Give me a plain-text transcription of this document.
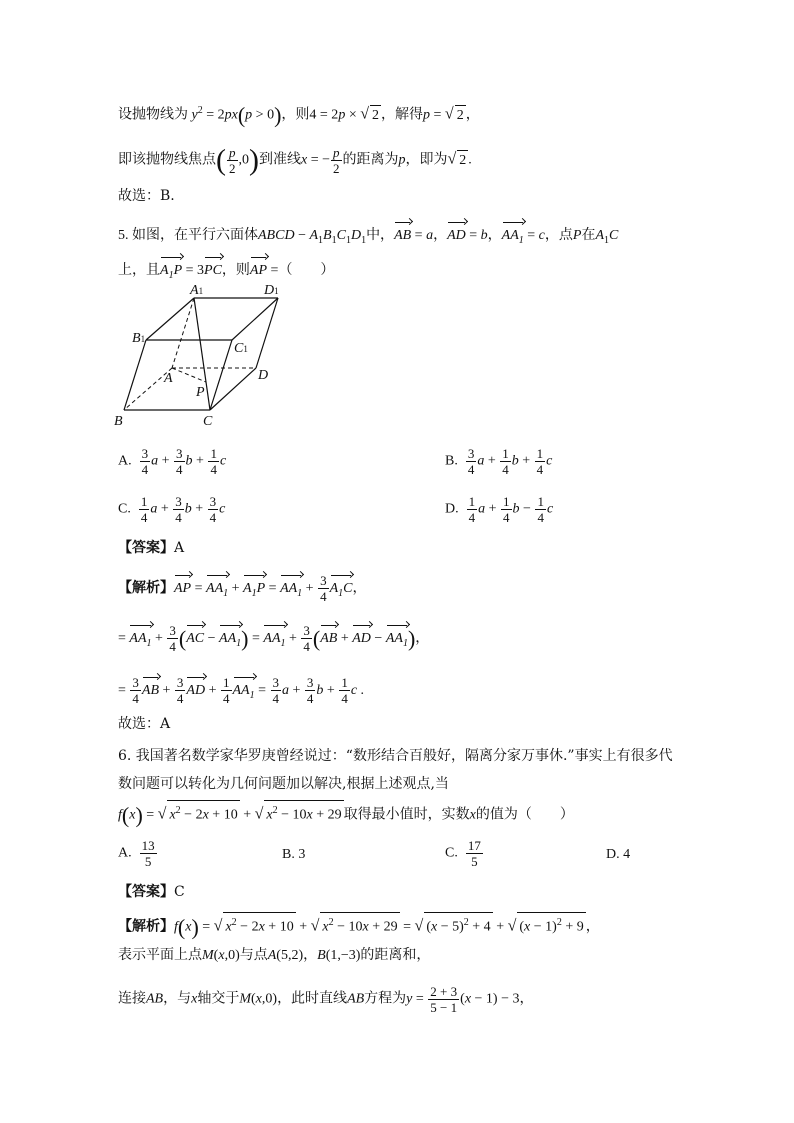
设抛物线为 $y^2 = 2px(p > 0)$，则4 = 2p × √ 2 ，解得p = √ 2 ，
即该抛物线焦点( $\frac{p}{2} ,0$)到准线x = − $\frac{p}{2}$ 的距离为p，即为√ 2 .
故选：B.
5. 如图，在平行六面体ABCD − $A_1B_1C_1D_1$中，AB = a，AD = b，$AA_1 = c$，点P在$A_1C$
上，且$A_1P = 3PC$，则AP =（　　）
A1	D1
B1
C1
A	D
P
B	C
A. $\frac{3}{4}$ $a + \frac{3}{4}$ $b + \frac{1}{4}$ c	B. $\frac{3}{4}$ $a + \frac{1}{4}$ $b + \frac{1}{4}$ c
C. $\frac{1}{4}$ $a + \frac{3}{4}$ $b + \frac{3}{4}$ c	D. $\frac{1}{4}$ $a + \frac{1}{4}$ $b - \frac{1}{4}$ c
【答案】A
【解析】AP = $AA_1 + A_1P = AA_1 + \frac{3}{4} A_1C$，
= $AA_1 + \frac{3}{4} (AC - AA_1) = AA_1 + \frac{3}{4} (AB$ + AD − $AA_1$)，
= $\frac{3}{4}$ AB + $\frac{3}{4}$ AD + $\frac{1}{4} AA_1 = \frac{3}{4}$ $a + \frac{3}{4}$ $b + \frac{1}{4}$ c .
故选：A
6. 我国著名数学家华罗庚曾经说过：“数形结合百般好，隔离分家万事休.”事实上有很多代
数问题可以转化为几何问题加以解决,根据上述观点,当
f(x) = √ $x^2 - 2x + 10$ + √ $x^2 - 10x + 29$ 取得最小值时，实数x的值为（　　）
A. $\frac{13}{5}$	B. 3	C. $\frac{17}{5}$	D. 4
【答案】C
【解析】f(x) = √ $x^2 - 2x + 10$ + √ $x^2 - 10x + 29$ = √ $(x - 5)^2 + 4$ + √ $(x - 1)^2 + 9$ ，
表示平面上点M(x,0)与点A(5,2)，B(1,−3)的距离和，
连接AB，与x轴交于M(x,0)，此时直线AB方程为$y = \frac{2 + 3}{5 - 1} (x - 1) - 3$，
